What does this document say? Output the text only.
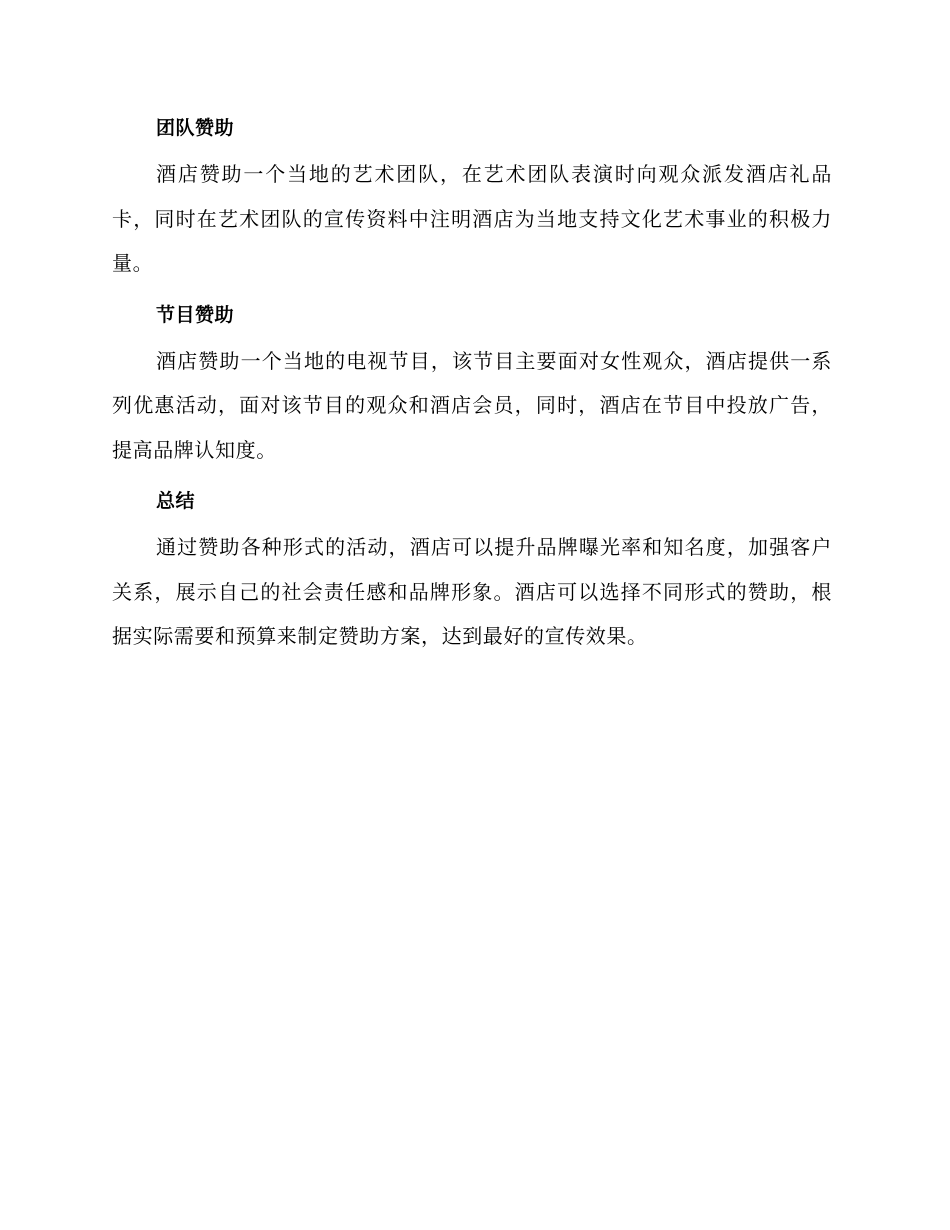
团队赞助

酒店赞助一个当地的艺术团队，在艺术团队表演时向观众派发酒店礼品卡，同时在艺术团队的宣传资料中注明酒店为当地支持文化艺术事业的积极力量。

节目赞助

酒店赞助一个当地的电视节目，该节目主要面对女性观众，酒店提供一系列优惠活动，面对该节目的观众和酒店会员，同时，酒店在节目中投放广告，提高品牌认知度。

总结

通过赞助各种形式的活动，酒店可以提升品牌曝光率和知名度，加强客户关系，展示自己的社会责任感和品牌形象。酒店可以选择不同形式的赞助，根据实际需要和预算来制定赞助方案，达到最好的宣传效果。
